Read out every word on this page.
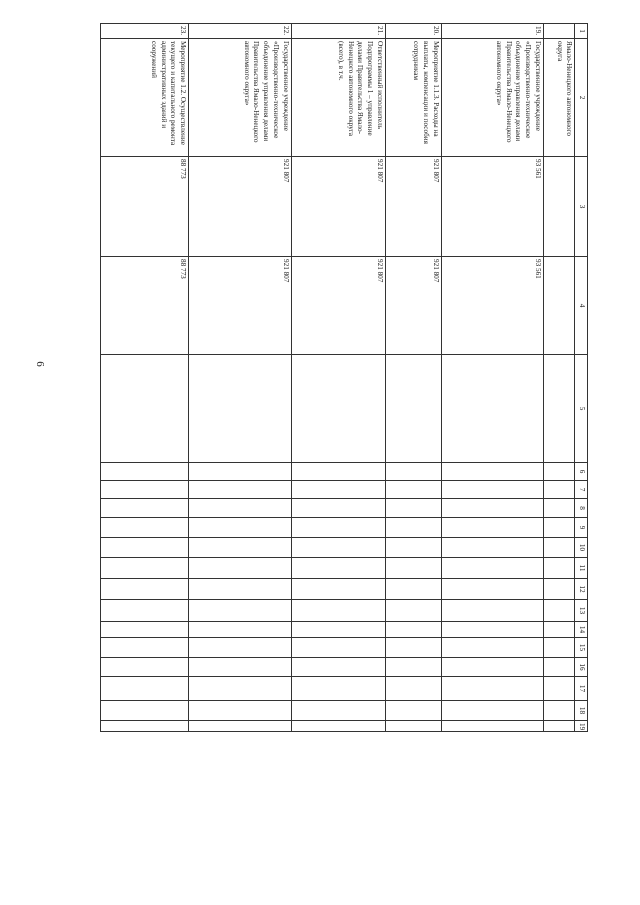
6
1	2	3	4	5	6	7	8	9	10	11	12	13	14	15	16	17	18	19
	Ямало-Ненецкого автономного округа																	
19.	Государственное учреждение «Производственно-техническое объединение управления делами Правительства Ямало-Ненецкого автономного округа»	93 561	93 561															
20.	Мероприятие 1.1.3. Расходы на выплаты, компенсации и пособия сотрудникам	921 807	921 807															
21.	Ответственный исполнитель Подпрограммы 1 – управление делами Правительства Ямало-Ненецкого автономного округа (всего), в т.ч.	921 807	921 807															
22.	Государственное учреждение «Производственно-техническое объединение управления делами Правительства Ямало-Ненецкого автономного округа»	921 807	921 807															
23.	Мероприятие 1.2. Осуществление текущего и капитального ремонта административных зданий и сооружений	88 773	88 773															
